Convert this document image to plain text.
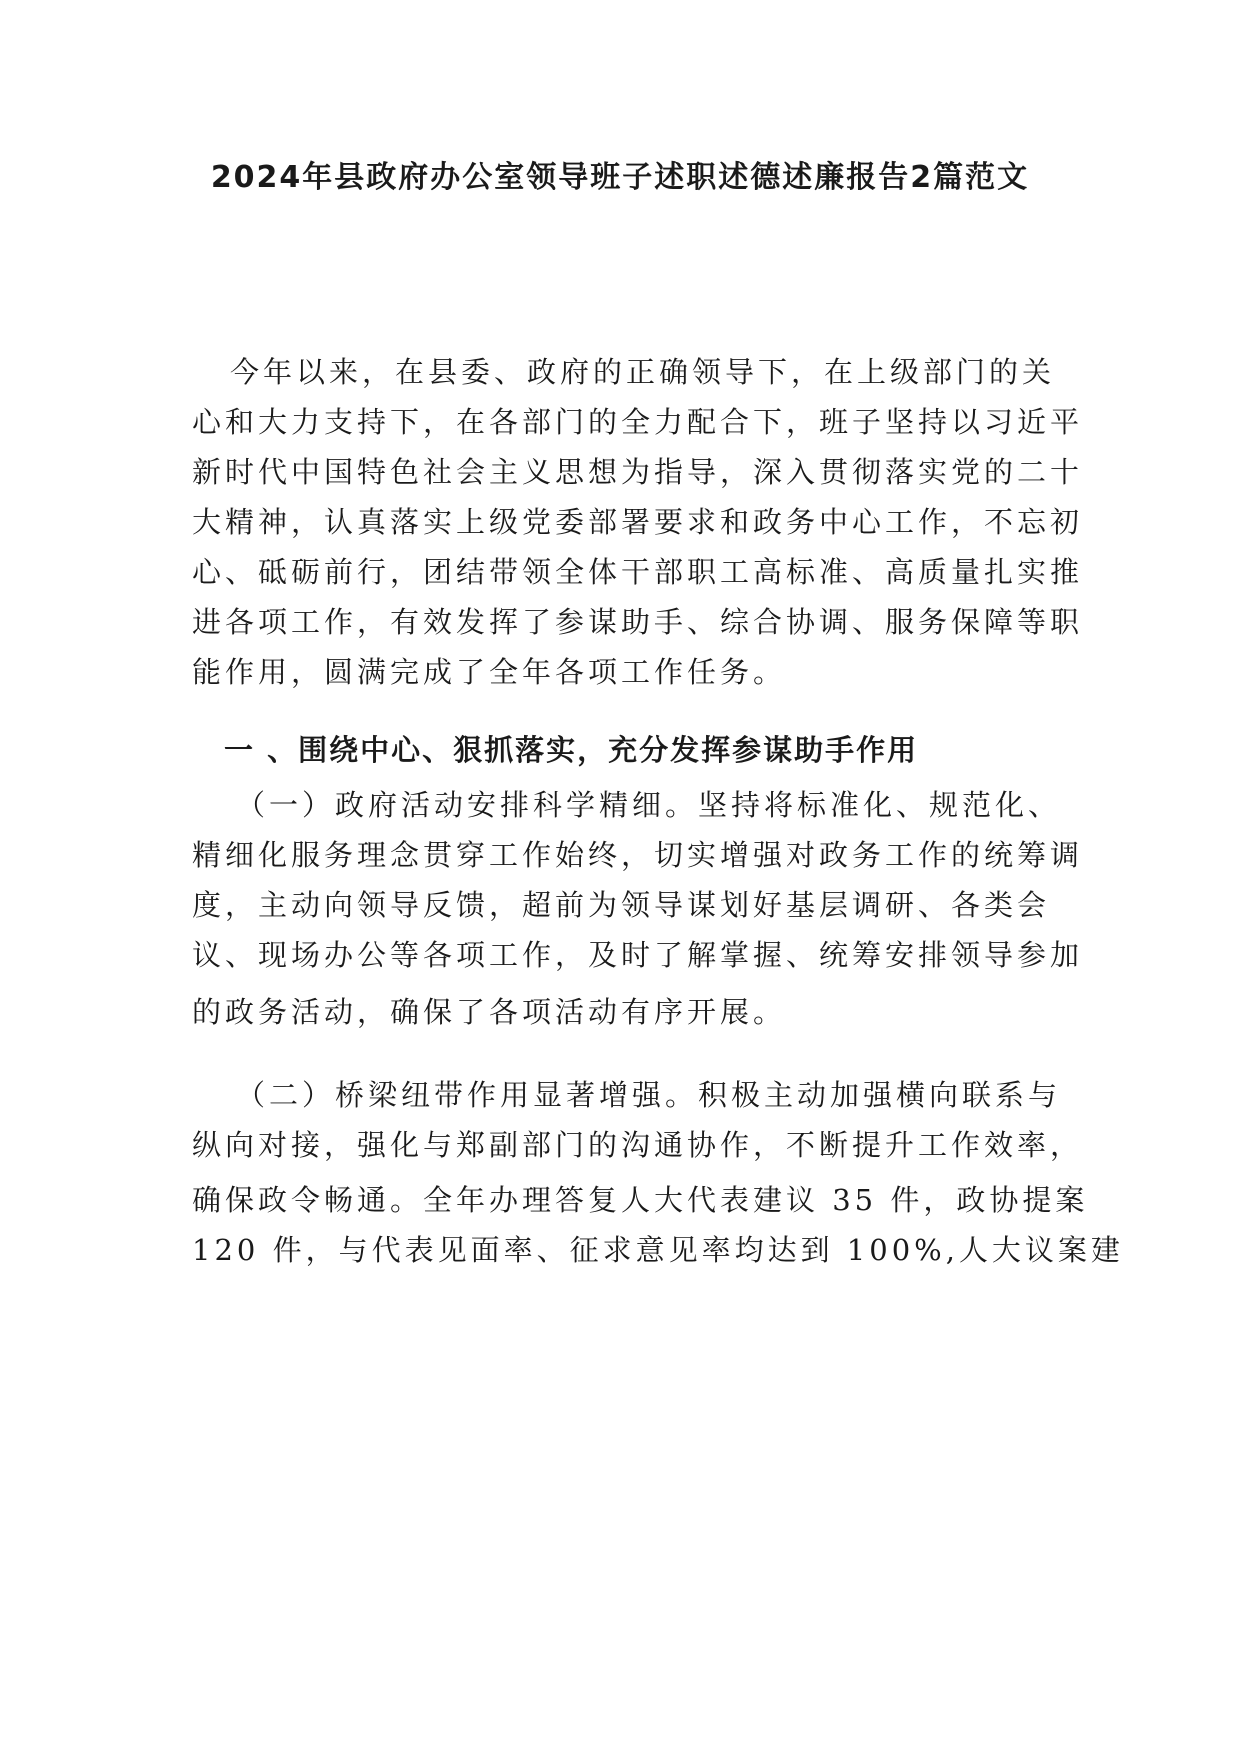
2024年县政府办公室领导班子述职述德述廉报告2篇范文

今年以来，在县委、政府的正确领导下，在上级部门的关

心和大力支持下，在各部门的全力配合下，班子坚持以习近平

新时代中国特色社会主义思想为指导，深入贯彻落实党的二十

大精神，认真落实上级党委部署要求和政务中心工作，不忘初

心、砥砺前行，团结带领全体干部职工高标准、高质量扎实推

进各项工作，有效发挥了参谋助手、综合协调、服务保障等职

能作用，圆满完成了全年各项工作任务。

一 、围绕中心、狠抓落实，充分发挥参谋助手作用

（一）政府活动安排科学精细。坚持将标准化、规范化、

精细化服务理念贯穿工作始终，切实增强对政务工作的统筹调

度，主动向领导反馈，超前为领导谋划好基层调研、各类会

议、现场办公等各项工作，及时了解掌握、统筹安排领导参加

的政务活动，确保了各项活动有序开展。

（二）桥梁纽带作用显著增强。积极主动加强横向联系与

纵向对接，强化与郑副部门的沟通协作，不断提升工作效率，

确保政令畅通。全年办理答复人大代表建议 35 件，政协提案

120 件，与代表见面率、征求意见率均达到 100%,人大议案建
